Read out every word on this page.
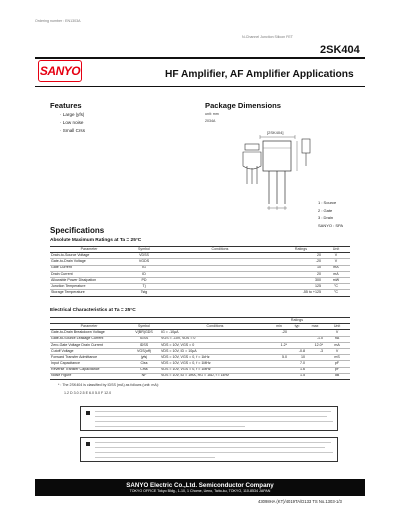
Ordering number : EN1303A
N-Channel Junction Silicon FET
2SK404
SANYO	HF Amplifier, AF Amplifier Applications
Features
· Large |yfs|
· Low noise
· Small Crss
Package Dimensions
unit: mm
2034A
[2SK404]
1 : Source
2 : Gate
3 : Drain
SANYO : SPA
Specifications
Absolute Maximum Ratings at Ta = 25°C
Parameter	Symbol	Conditions	Ratings	Unit
Drain-to-Source Voltage	VDSS		20	V
Gate-to-Drain Voltage	VGDS		-20	V
Gate Current	IG		10	mA
Drain Current	ID		20	mA
Allowable Power Dissipation	PD		300	mW
Junction Temperature	Tj		125	°C
Storage Temperature	Tstg		-55 to +125	°C
Electrical Characteristics at Ta = 25°C
			Ratings			
Parameter	Symbol	Conditions	min	typ	max	Unit
Gate-to-Drain Breakdown Voltage	V(BR)GDS	IG = -10μA	-20			V
Gate-to-Source Leakage Current	IGSS	VGS = -10V, VDS = 0			-1.0	nA
Zero-Gate Voltage Drain Current	IDSS	VDS = 10V, VGS = 0	1.2*		12.0*	mA
Cutoff Voltage	VGS(off)	VDS = 10V, ID = 10μA		-0.8	-3	V
Forward Transfer Admittance	|yfs|	VDS = 10V, VGS = 0, f = 1kHz	5.0	10		mS
Input Capacitance	Ciss	VDS = 10V, VGS = 0, f = 1MHz		7.0		pF
Reverse Transfer Capacitance	Crss	VDS = 10V, VGS = 0, f = 1MHz		1.6		pF
Noise Figure	NF	VDS = 10V, ID = 1mA, RG = 1kΩ, f = 1kHz		1.5		dB
* : The 2SK404 is classified by IDSS (mA) as follows (unit: mA):
1.2 D 3.0 2.5 E 6.0 5.0 F 12.0
SANYO Electric Co.,Ltd. Semiconductor Company
TOKYO OFFICE Tokyo Bldg., 1-10, 1 Chome, Ueno, Taito-ku, TOKYO, 110-8534 JAPAN
43098HA (KT)/4019TA/D133 TS No.1303-1/3
